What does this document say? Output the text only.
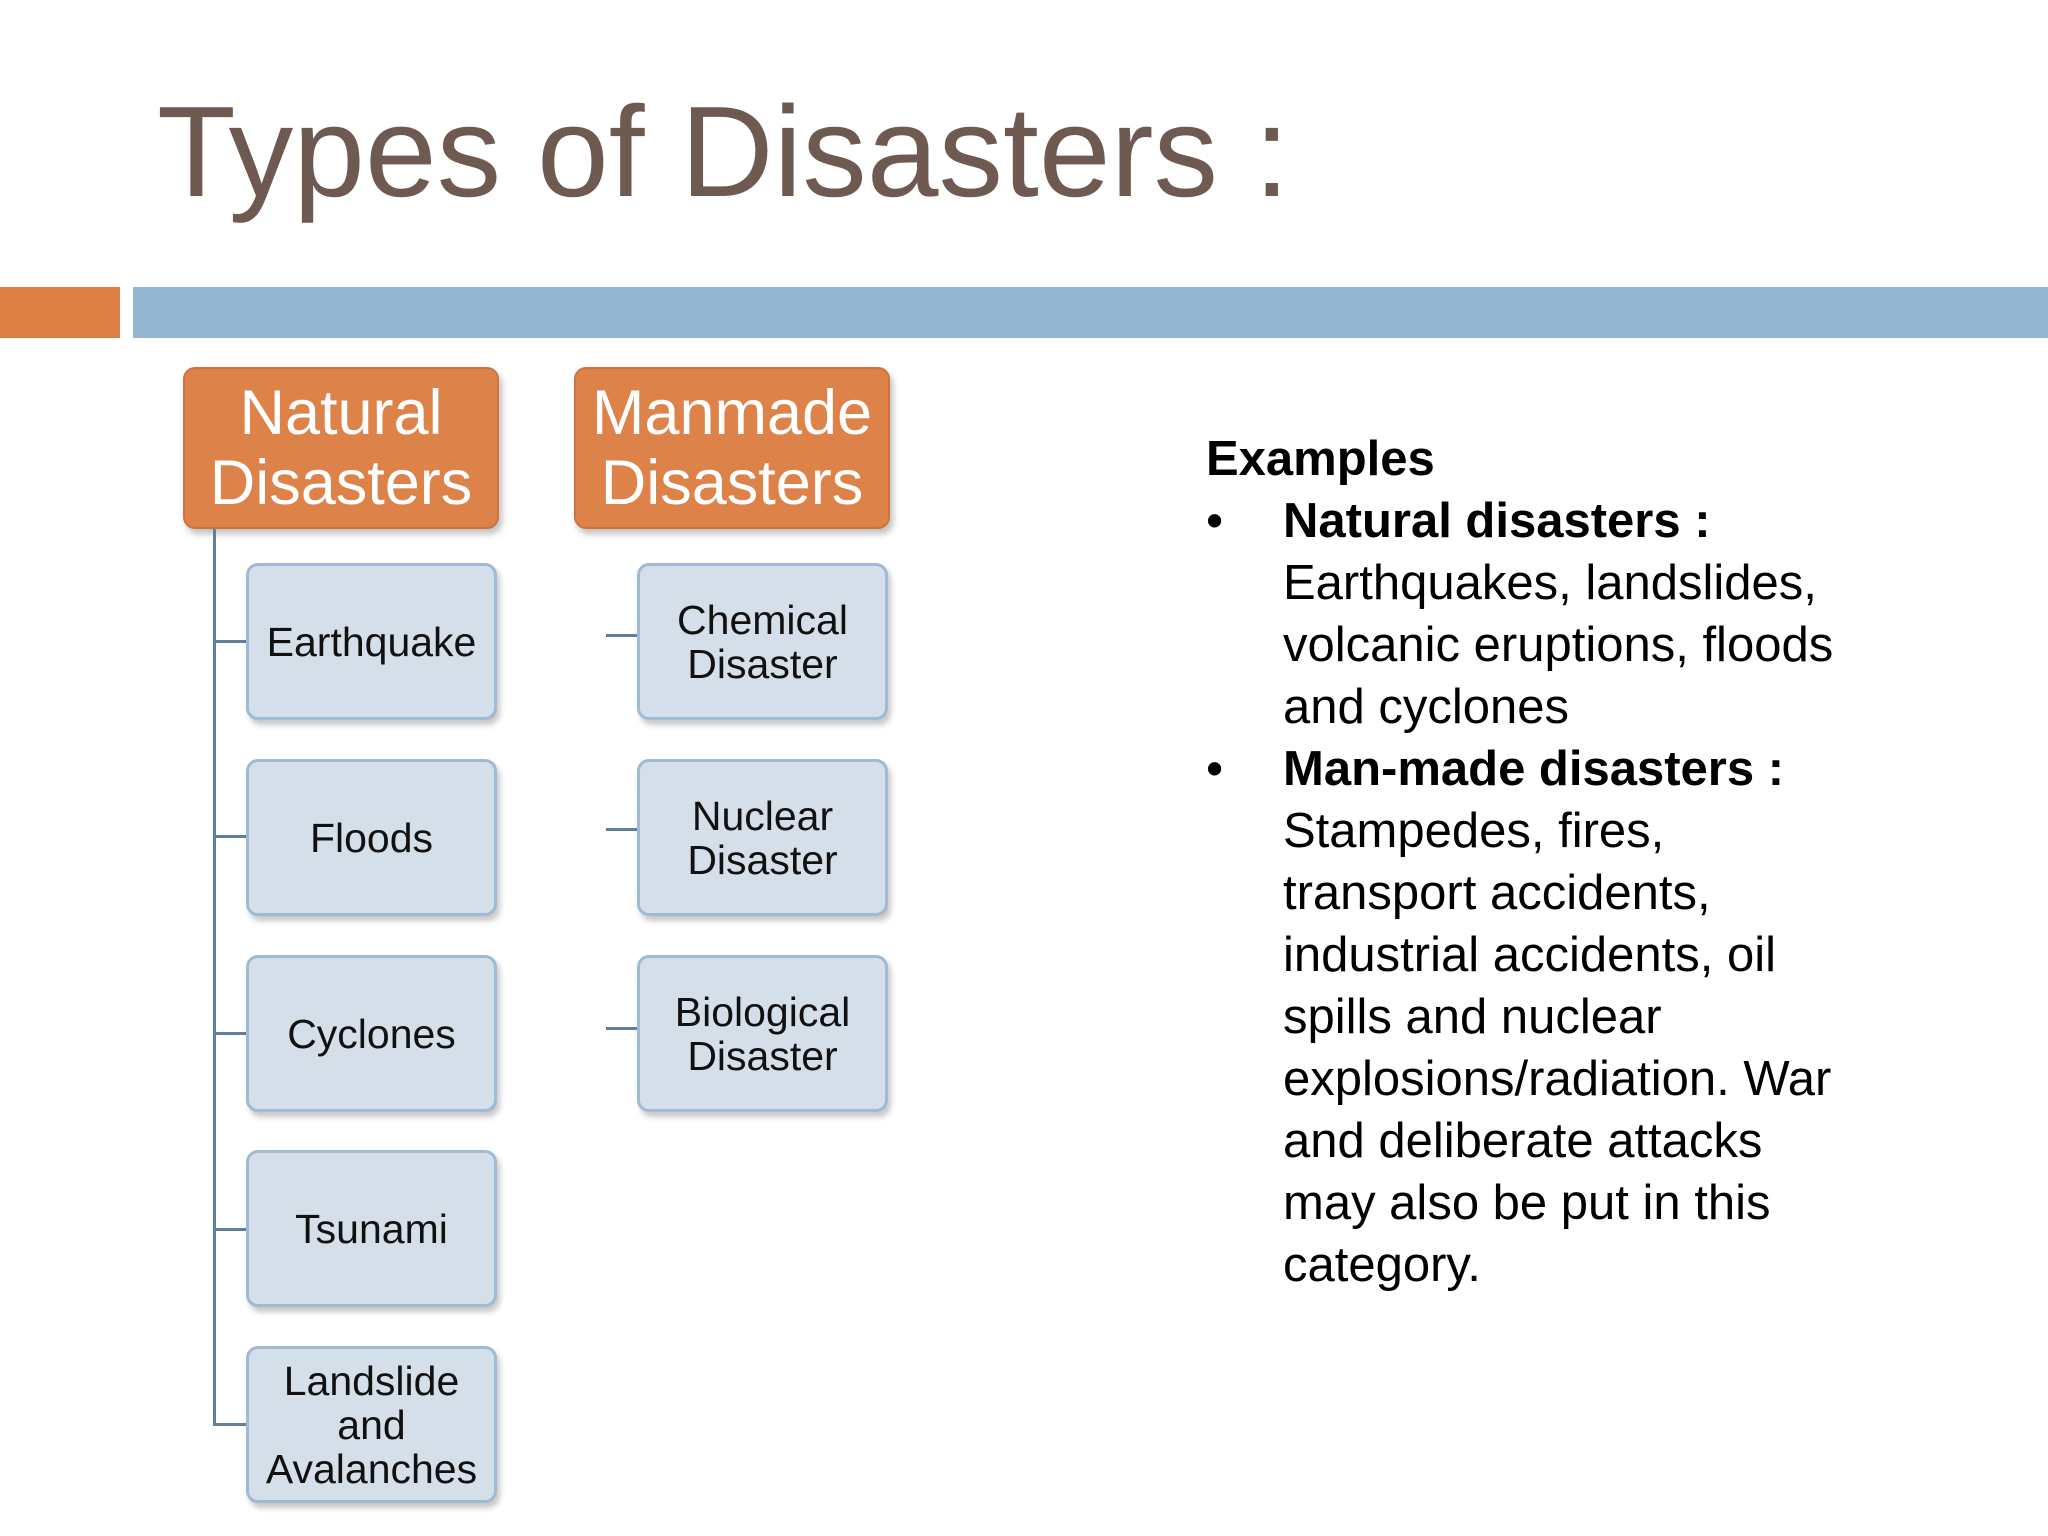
Types of Disasters :
Natural
Disasters
Earthquake
Floods
Cyclones
Tsunami
Landslide
and
Avalanches
Manmade
Disasters
Chemical
Disaster
Nuclear
Disaster
Biological
Disaster
Examples
• Natural disasters :
Earthquakes, landslides,
volcanic eruptions, floods
and cyclones
• Man-made disasters :
Stampedes, fires,
transport accidents,
industrial accidents, oil
spills and nuclear
explosions/radiation. War
and deliberate attacks
may also be put in this
category.
